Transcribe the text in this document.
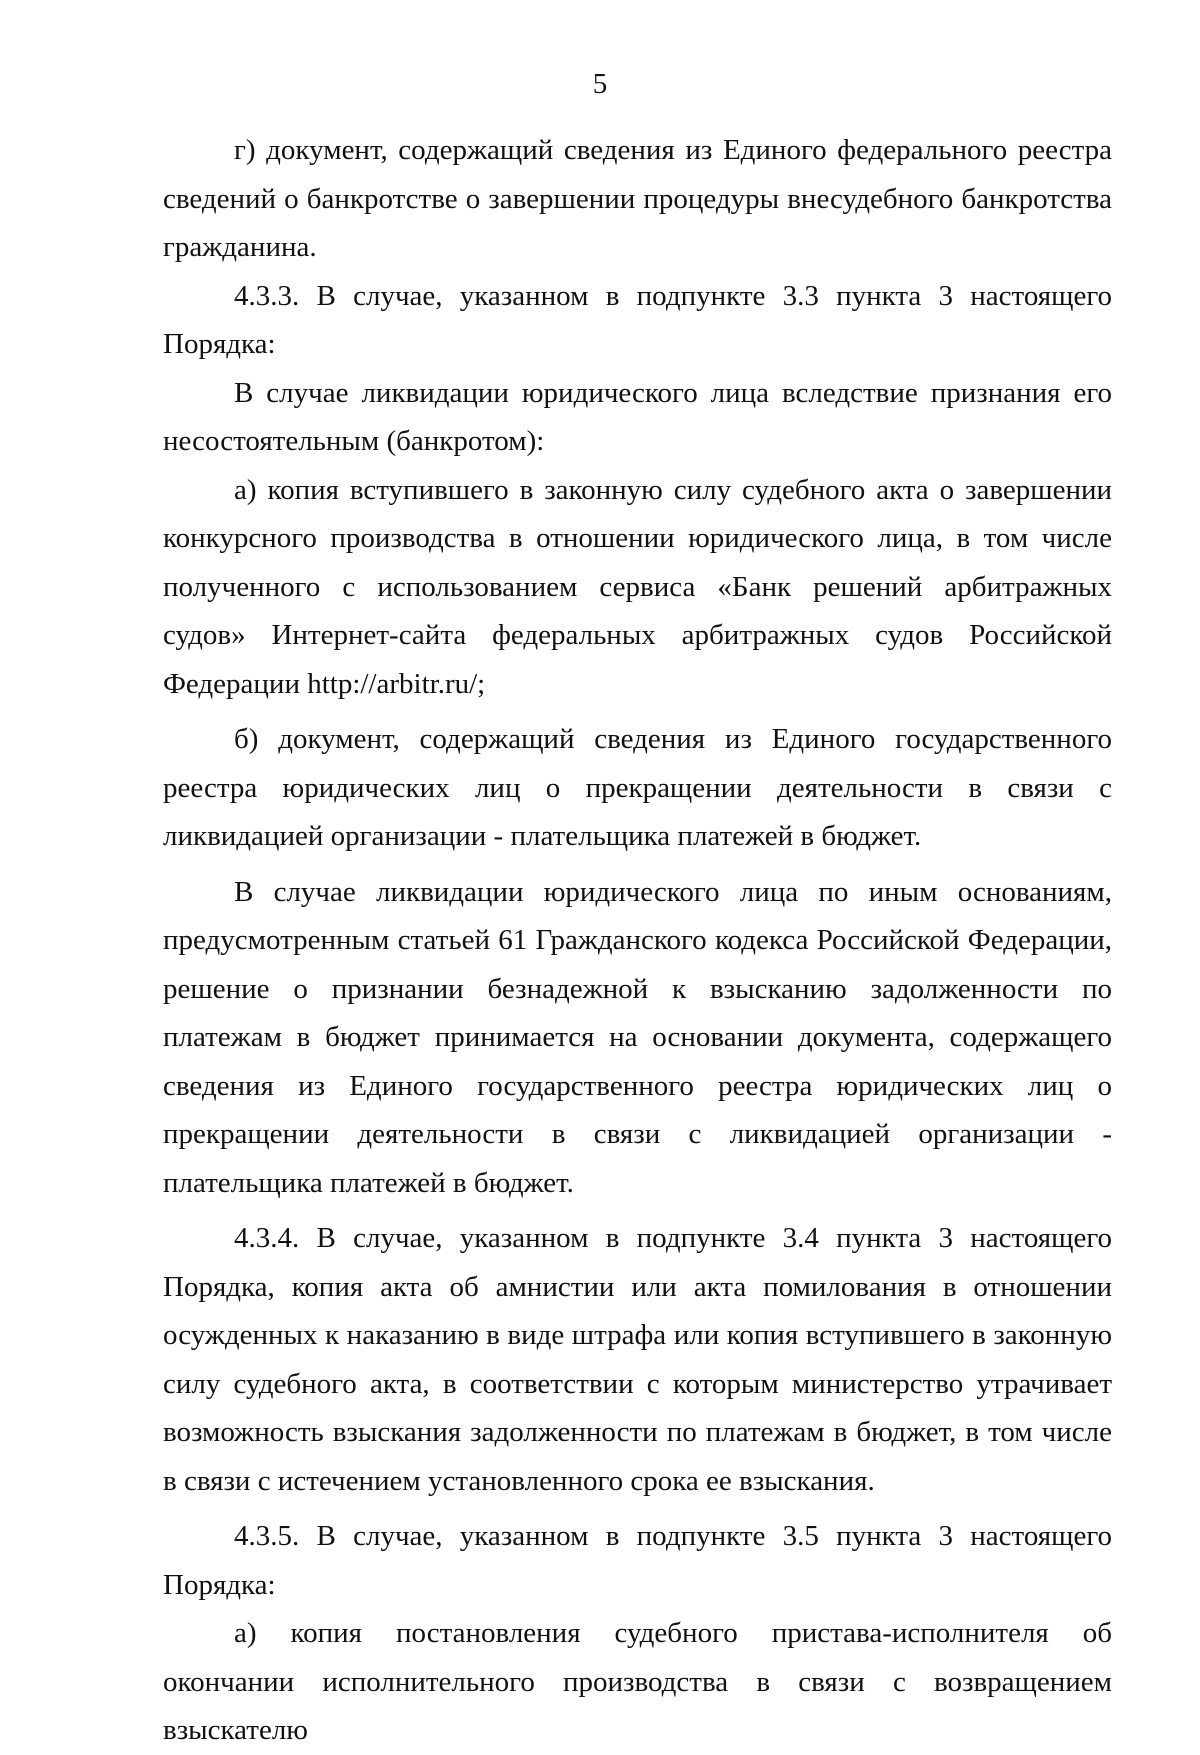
5

г) документ, содержащий сведения из Единого федерального реестра сведений о банкротстве о завершении процедуры внесудебного банкротства гражданина.

4.3.3. В случае, указанном в подпункте 3.3 пункта 3 настоящего Порядка:

В случае ликвидации юридического лица вследствие признания его несостоятельным (банкротом):

а) копия вступившего в законную силу судебного акта о завершении конкурсного производства в отношении юридического лица, в том числе полученного с использованием сервиса «Банк решений арбитражных судов» Интернет-сайта федеральных арбитражных судов Российской Федерации http://arbitr.ru/;

б) документ, содержащий сведения из Единого государственного реестра юридических лиц о прекращении деятельности в связи с ликвидацией организации - плательщика платежей в бюджет.

В случае ликвидации юридического лица по иным основаниям, предусмотренным статьей 61 Гражданского кодекса Российской Федерации, решение о признании безнадежной к взысканию задолженности по платежам в бюджет принимается на основании документа, содержащего сведения из Единого государственного реестра юридических лиц о прекращении деятельности в связи с ликвидацией организации - плательщика платежей в бюджет.

4.3.4. В случае, указанном в подпункте 3.4 пункта 3 настоящего Порядка, копия акта об амнистии или акта помилования в отношении осужденных к наказанию в виде штрафа или копия вступившего в законную силу судебного акта, в соответствии с которым министерство утрачивает возможность взыскания задолженности по платежам в бюджет, в том числе в связи с истечением установленного срока ее взыскания.

4.3.5. В случае, указанном в подпункте 3.5 пункта 3 настоящего Порядка:

а) копия постановления судебного пристава-исполнителя об окончании исполнительного производства в связи с возвращением взыскателю
